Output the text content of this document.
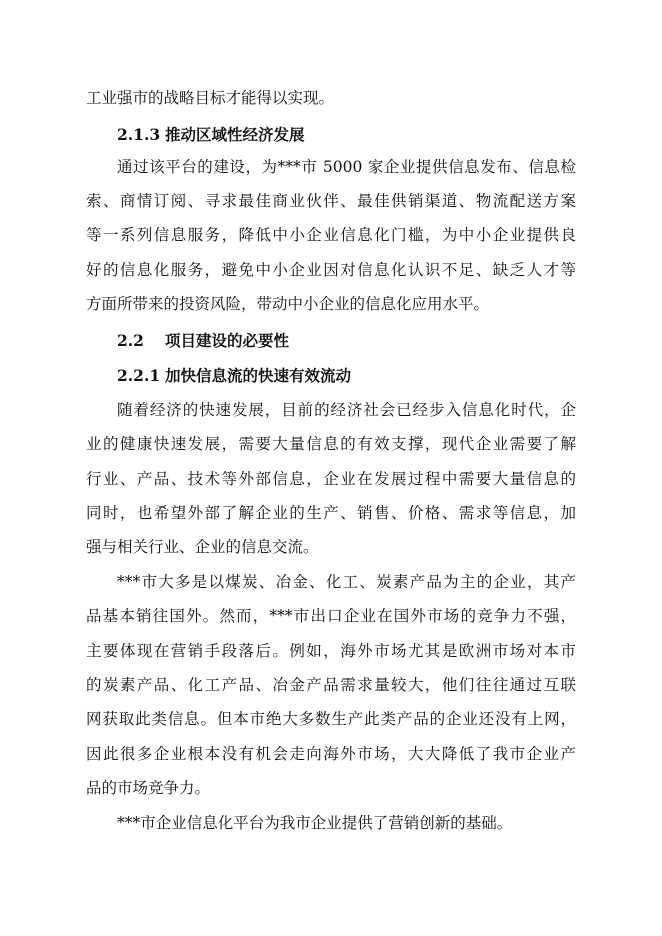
工业强市的战略目标才能得以实现。
2.1.3 推动区域性经济发展
通过该平台的建设，为***市 5000 家企业提供信息发布、信息检
索、商情订阅、寻求最佳商业伙伴、最佳供销渠道、物流配送方案
等一系列信息服务，降低中小企业信息化门槛，为中小企业提供良
好的信息化服务，避免中小企业因对信息化认识不足、缺乏人才等
方面所带来的投资风险，带动中小企业的信息化应用水平。
2.2 项目建设的必要性
2.2.1 加快信息流的快速有效流动
随着经济的快速发展，目前的经济社会已经步入信息化时代，企
业的健康快速发展，需要大量信息的有效支撑，现代企业需要了解
行业、产品、技术等外部信息，企业在发展过程中需要大量信息的
同时，也希望外部了解企业的生产、销售、价格、需求等信息，加
强与相关行业、企业的信息交流。
***市大多是以煤炭、冶金、化工、炭素产品为主的企业，其产
品基本销往国外。然而，***市出口企业在国外市场的竞争力不强，
主要体现在营销手段落后。例如，海外市场尤其是欧洲市场对本市
的炭素产品、化工产品、冶金产品需求量较大，他们往往通过互联
网获取此类信息。但本市绝大多数生产此类产品的企业还没有上网，
因此很多企业根本没有机会走向海外市场，大大降低了我市企业产
品的市场竞争力。
***市企业信息化平台为我市企业提供了营销创新的基础。
